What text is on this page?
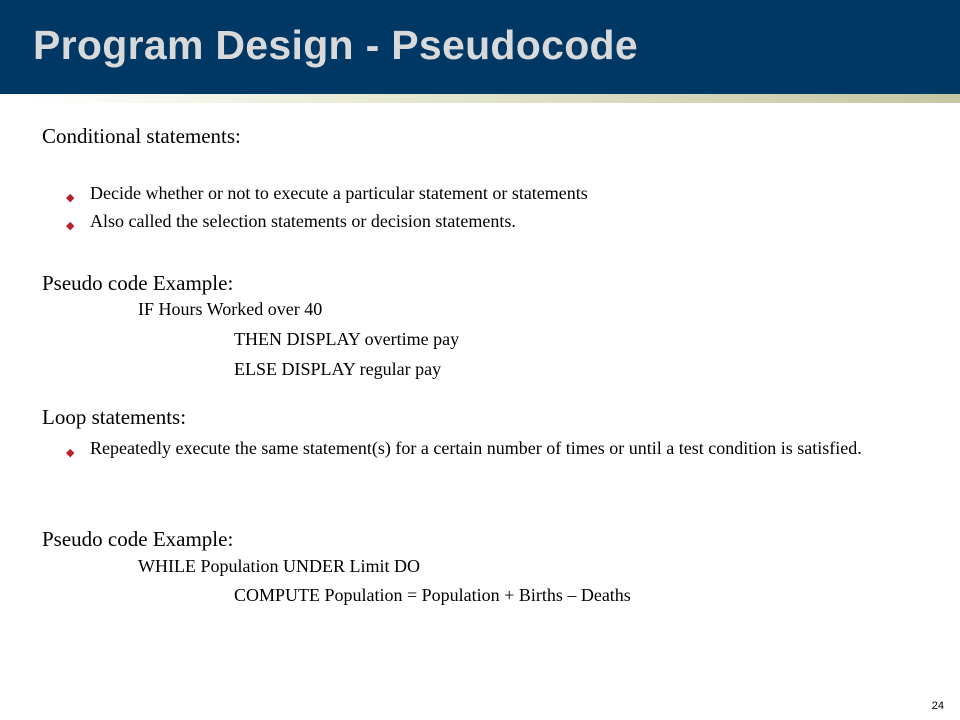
Program Design - Pseudocode
Conditional statements:
◆ Decide whether or not to execute a particular statement or statements
◆ Also called the selection statements or decision statements.
Pseudo code Example:
IF Hours Worked over 40
THEN DISPLAY overtime pay
ELSE DISPLAY regular pay
Loop statements:
◆ Repeatedly execute the same statement(s) for a certain number of times or until a test condition is satisfied.
Pseudo code Example:
WHILE Population UNDER Limit DO
COMPUTE Population = Population + Births – Deaths
24
